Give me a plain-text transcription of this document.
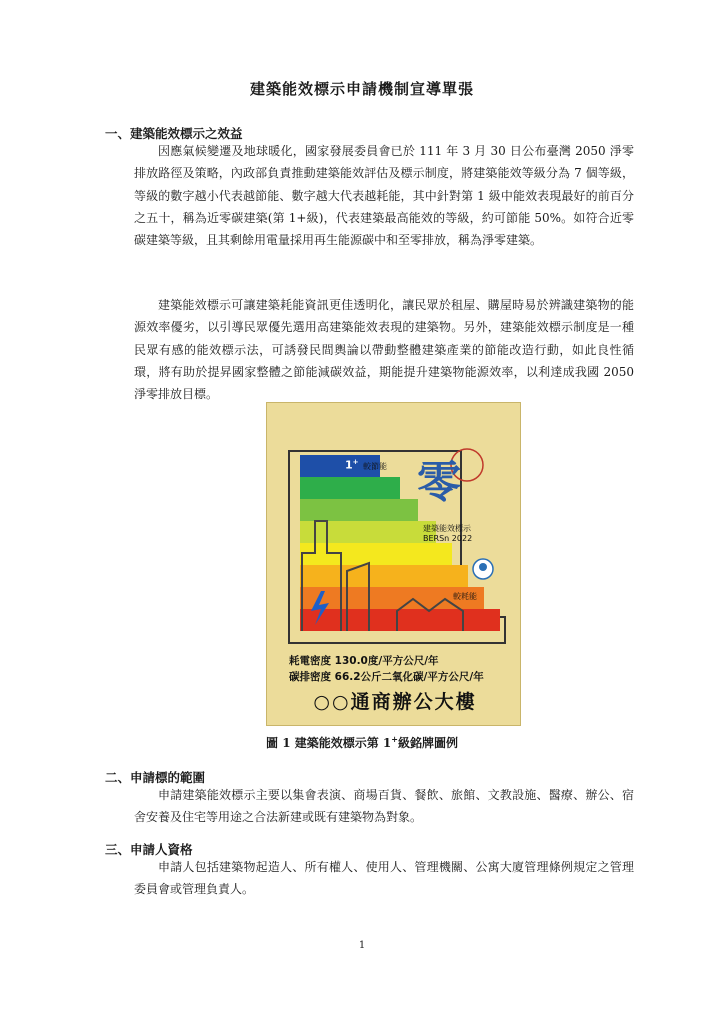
建築能效標示申請機制宣導單張
一、建築能效標示之效益

因應氣候變遷及地球暖化，國家發展委員會已於 111 年 3 月 30 日公布臺灣 2050 淨零排放路徑及策略，內政部負責推動建築能效評估及標示制度，將建築能效等級分為 7 個等級，等級的數字越小代表越節能、數字越大代表越耗能，其中針對第 1 級中能效表現最好的前百分之五十，稱為近零碳建築(第 1+級)，代表建築最高能效的等級，約可節能 50%。如符合近零碳建築等級，且其剩餘用電量採用再生能源碳中和至零排放，稱為淨零建築。

建築能效標示可讓建築耗能資訊更佳透明化，讓民眾於租屋、購屋時易於辨識建築物的能源效率優劣，以引導民眾優先選用高建築能效表現的建築物。另外，建築能效標示制度是一種民眾有感的能效標示法，可誘發民間輿論以帶動整體建築產業的節能改造行動，如此良性循環，將有助於提昇國家整體之節能減碳效益，期能提升建築物能源效率，以利達成我國 2050 淨零排放目標。

1+ 較節能 零
建築能效標示
BERSn 2022
較耗能
耗電密度 130.0度/平方公尺/年
碳排密度 66.2公斤二氧化碳/平方公尺/年
○○通商辦公大樓
圖 1 建築能效標示第 1+級銘牌圖例
二、申請標的範圍

申請建築能效標示主要以集會表演、商場百貨、餐飲、旅館、文教設施、醫療、辦公、宿舍安養及住宅等用途之合法新建或既有建築物為對象。

三、申請人資格

申請人包括建築物起造人、所有權人、使用人、管理機關、公寓大廈管理條例規定之管理委員會或管理負責人。

1
